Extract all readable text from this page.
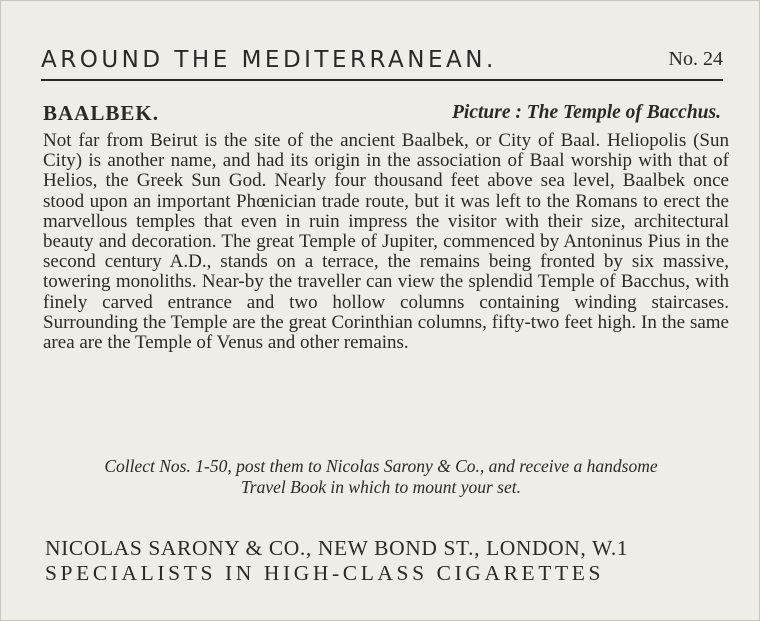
AROUND THE MEDITERRANEAN.	No. 24
BAALBEK.	Picture : The Temple of Bacchus.

Not far from Beirut is the site of the ancient Baalbek, or City of Baal. Heliopolis (Sun City) is another name, and had its origin in the association of Baal worship with that of Helios, the Greek Sun God. Nearly four thousand feet above sea level, Baalbek once stood upon an important Phœnician trade route, but it was left to the Romans to erect the marvellous temples that even in ruin impress the visitor with their size, architectural beauty and decoration. The great Temple of Jupiter, commenced by Antoninus Pius in the second century A.D., stands on a terrace, the remains being fronted by six massive, towering monoliths. Near-by the traveller can view the splendid Temple of Bacchus, with finely carved entrance and two hollow columns containing winding staircases. Surrounding the Temple are the great Corinthian columns, fifty-two feet high. In the same area are the Temple of Venus and other remains.

Collect Nos. 1-50, post them to Nicolas Sarony & Co., and receive a handsome Travel Book in which to mount your set.
NICOLAS SARONY & CO., NEW BOND ST., LONDON, W.1
SPECIALISTS IN HIGH-CLASS CIGARETTES
